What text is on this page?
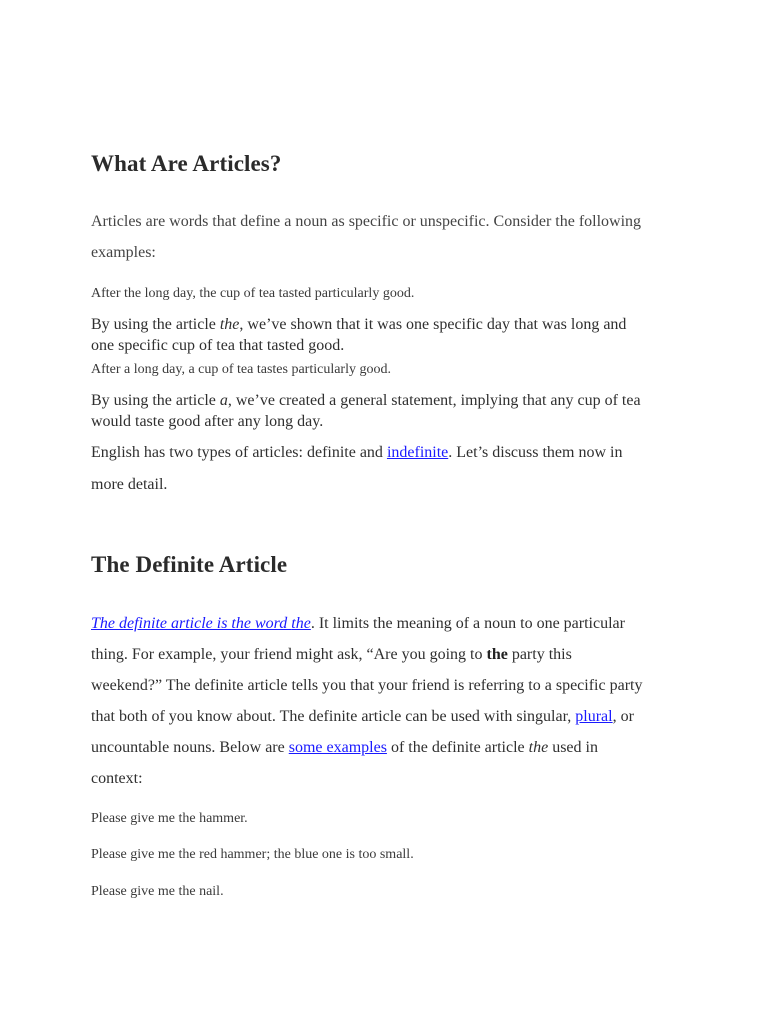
What Are Articles?

Articles are words that define a noun as specific or unspecific. Consider the following

examples:

After the long day, the cup of tea tasted particularly good.

By using the article the, we’ve shown that it was one specific day that was long and

one specific cup of tea that tasted good.

After a long day, a cup of tea tastes particularly good.

By using the article a, we’ve created a general statement, implying that any cup of tea

would taste good after any long day.

English has two types of articles: definite and indefinite. Let’s discuss them now in

more detail.

The Definite Article

The definite article is the word the. It limits the meaning of a noun to one particular

thing. For example, your friend might ask, “Are you going to the party this

weekend?” The definite article tells you that your friend is referring to a specific party

that both of you know about. The definite article can be used with singular, plural, or

uncountable nouns. Below are some examples of the definite article the used in

context:

Please give me the hammer.

Please give me the red hammer; the blue one is too small.

Please give me the nail.
